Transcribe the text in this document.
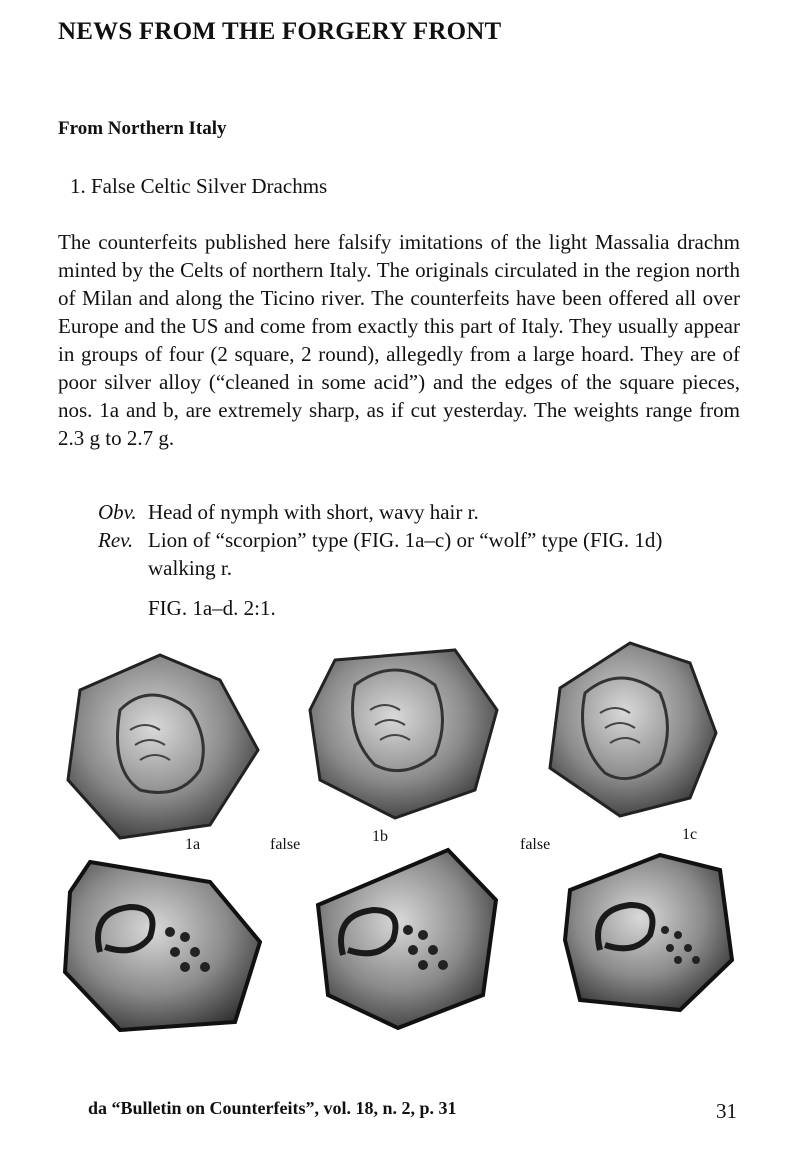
NEWS FROM THE FORGERY FRONT
From Northern Italy

1. False Celtic Silver Drachms

The counterfeits published here falsify imitations of the light Massalia drachm minted by the Celts of northern Italy. The originals circulated in the region north of Milan and along the Ticino river. The counterfeits have been offered all over Europe and the US and come from exactly this part of Italy. They usually appear in groups of four (2 square, 2 round), allegedly from a large hoard. They are of poor silver alloy (“cleaned in some acid”) and the edges of the square pieces, nos. 1a and b, are extremely sharp, as if cut yesterday. The weights range from 2.3 g to 2.7 g.

Obv. Head of nymph with short, wavy hair r.
Rev. Lion of “scorpion” type (FIG. 1a–c) or “wolf” type (FIG. 1d) walking r.
FIG. 1a–d. 2:1.
1a	false	1b	false
1c

da “Bulletin on Counterfeits”, vol. 18, n. 2, p. 31	31
